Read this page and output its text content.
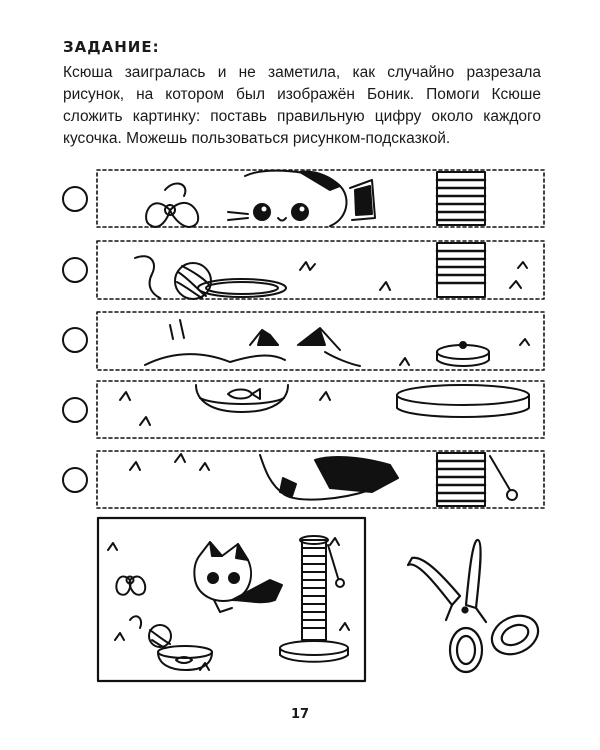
ЗАДАНИЕ:
Ксюша заигралась и не заметила, как случайно разрезала рисунок, на котором был изображён Боник. Помоги Ксюше сложить картинку: поставь правильную цифру около каждого кусочка. Можешь пользоваться рисунком-подсказкой.
17
